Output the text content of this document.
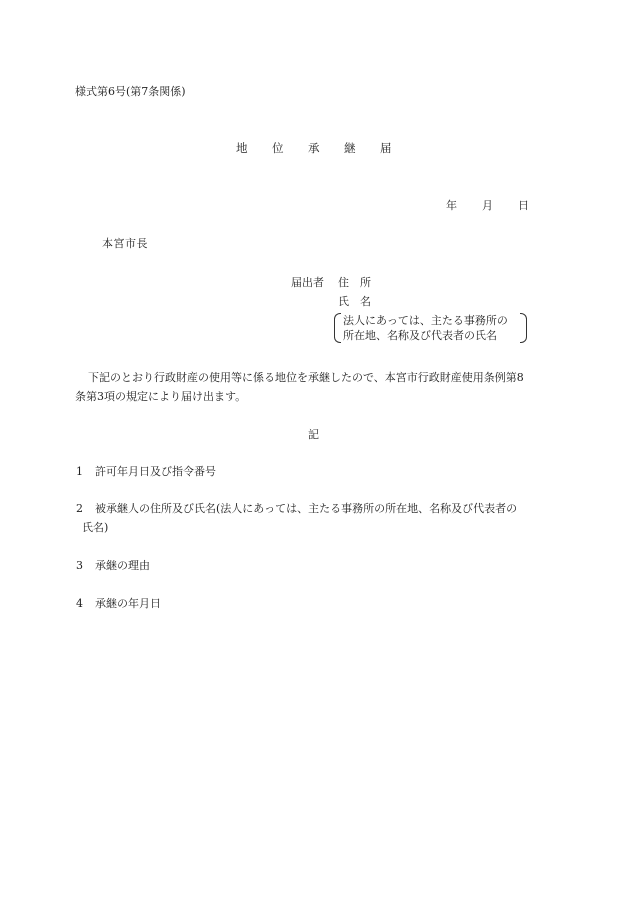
様式第6号(第7条関係)
地	位	承	継	届
年	月	日
本宮市長
届出者 住　所
氏　名
法人にあっては、主たる事務所の
所在地、名称及び代表者の氏名
下記のとおり行政財産の使用等に係る地位を承継したので、本宮市行政財産使用条例第8
条第3項の規定により届け出ます。
記
1 許可年月日及び指令番号
2 被承継人の住所及び氏名(法人にあっては、主たる事務所の所在地、名称及び代表者の
氏名)
3 承継の理由
4 承継の年月日
